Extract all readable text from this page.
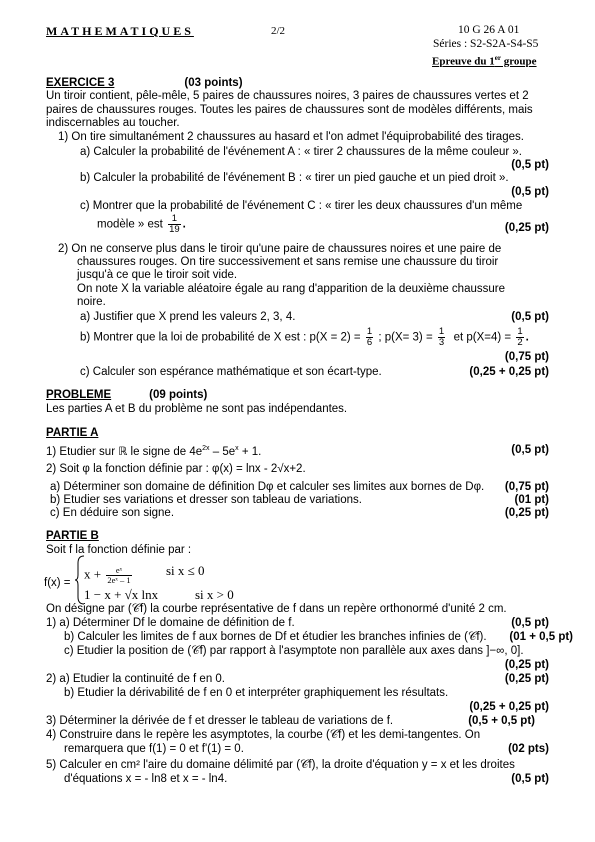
MATHEMATIQUES	2/2	10 G 26 A 01
Séries : S2-S2A-S4-S5
Epreuve du 1er groupe
EXERCICE 3	(03 points)
Un tiroir contient, pêle-mêle, 5 paires de chaussures noires, 3 paires de chaussures vertes et 2 paires de chaussures rouges. Toutes les paires de chaussures sont de modèles différents, mais indiscernables au toucher.
1) On tire simultanément 2 chaussures au hasard et l'on admet l'équiprobabilité des tirages.
a) Calculer la probabilité de l'événement A : « tirer 2 chaussures de la même couleur ».
(0,5 pt)
b) Calculer la probabilité de l'événement B : « tirer un pied gauche et un pied droit ».
(0,5 pt)
c) Montrer que la probabilité de l'événement C : « tirer les deux chaussures d'un même
modèle » est $\frac{1}{19}$ .	(0,25 pt)
2) On ne conserve plus dans le tiroir qu'une paire de chaussures noires et une paire de
chaussures rouges. On tire successivement et sans remise une chaussure du tiroir
jusqu'à ce que le tiroir soit vide.
On note X la variable aléatoire égale au rang d'apparition de la deuxième chaussure
noire.
a) Justifier que X prend les valeurs 2, 3, 4.	(0,5 pt)
b) Montrer que la loi de probabilité de X est : $p(X = 2) = \frac{1}{6}$ ; $p(X= 3) = \frac{1}{3}$ et $p(X=4) = \frac{1}{2}$ .
(0,75 pt)
c) Calculer son espérance mathématique et son écart-type.	(0,25 + 0,25 pt)
PROBLEME	(09 points)
Les parties A et B du problème ne sont pas indépendantes.
PARTIE A
1) Etudier sur ℝ le signe de $4e^{2x} - 5e^x + 1$.	(0,5 pt)
2) Soit φ la fonction définie par : φ(x) = lnx - 2√x+2.
a) Déterminer son domaine de définition Dφ et calculer ses limites aux bornes de Dφ. (0,75 pt)
b) Etudier ses variations et dresser son tableau de variations.	(01 pt)
c) En déduire son signe.	(0,25 pt)
PARTIE B
Soit f la fonction définie par :
f(x) =
$x + \frac{\text{eˣ}}{\text{2eˣ – 1}}$	si x ≤ 0
1 − x + √x lnx	si x > 0
On désigne par (𝒞f) la courbe représentative de f dans un repère orthonormé d'unité 2 cm.
1) a) Déterminer Df le domaine de définition de f.	(0,5 pt)
b) Calculer les limites de f aux bornes de Df et étudier les branches infinies de (𝒞f). (01 + 0,5 pt)
c) Etudier la position de (𝒞f) par rapport à l'asymptote non parallèle aux axes dans ]−∞, 0].
(0,25 pt)
2) a) Etudier la continuité de f en 0.	(0,25 pt)
b) Etudier la dérivabilité de f en 0 et interpréter graphiquement les résultats.
(0,25 + 0,25 pt)
3) Déterminer la dérivée de f et dresser le tableau de variations de f.	(0,5 + 0,5 pt)
4) Construire dans le repère les asymptotes, la courbe (𝒞f) et les demi-tangentes. On
remarquera que f(1) = 0 et f'(1) = 0.	(02 pts)
5) Calculer en cm² l'aire du domaine délimité par (𝒞f), la droite d'équation y = x et les droites
d'équations x = - ln8 et x = - ln4.	(0,5 pt)
